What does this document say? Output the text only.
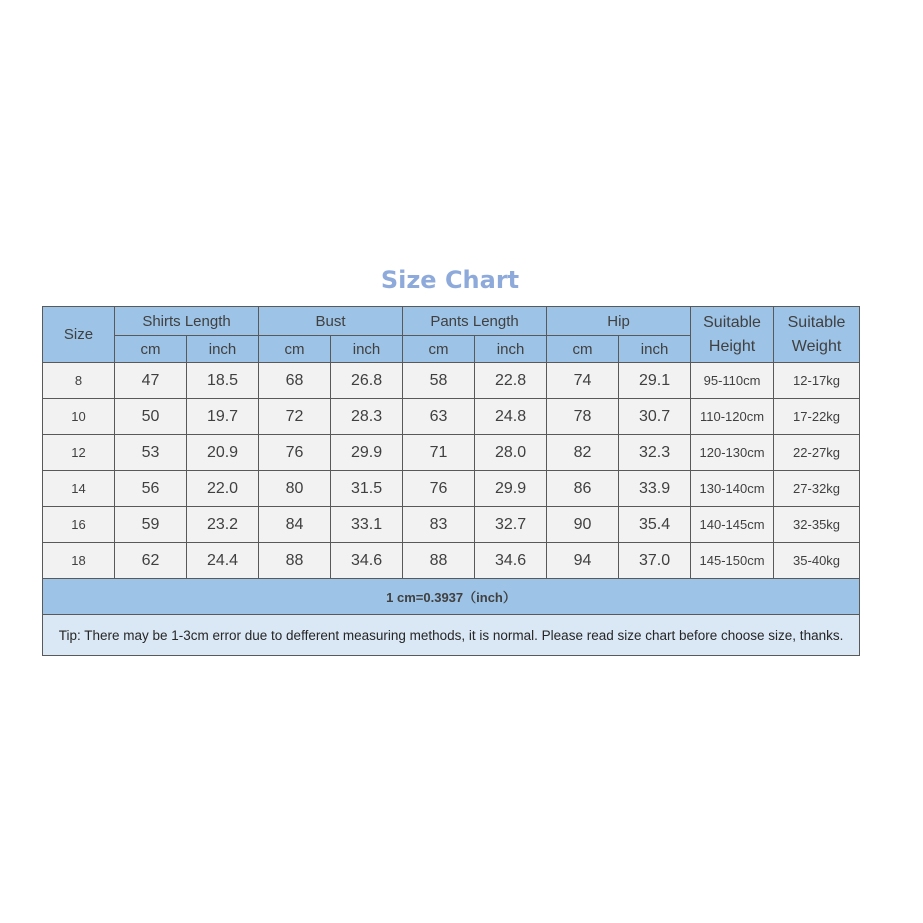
Size Chart
Size	Shirts Length		Bust		Pants Length		Hip		Suitable Height	Suitable Weight
	cm	inch	cm	inch	cm	inch	cm	inch		
8	47	18.5	68	26.8	58	22.8	74	29.1	95-110cm	12-17kg
10	50	19.7	72	28.3	63	24.8	78	30.7	110-120cm	17-22kg
12	53	20.9	76	29.9	71	28.0	82	32.3	120-130cm	22-27kg
14	56	22.0	80	31.5	76	29.9	86	33.9	130-140cm	27-32kg
16	59	23.2	84	33.1	83	32.7	90	35.4	140-145cm	32-35kg
18	62	24.4	88	34.6	88	34.6	94	37.0	145-150cm	35-40kg
1 cm=0.3937（inch）										
Tip: There may be 1-3cm error due to defferent measuring methods, it is normal. Please read size chart before choose size, thanks.										
